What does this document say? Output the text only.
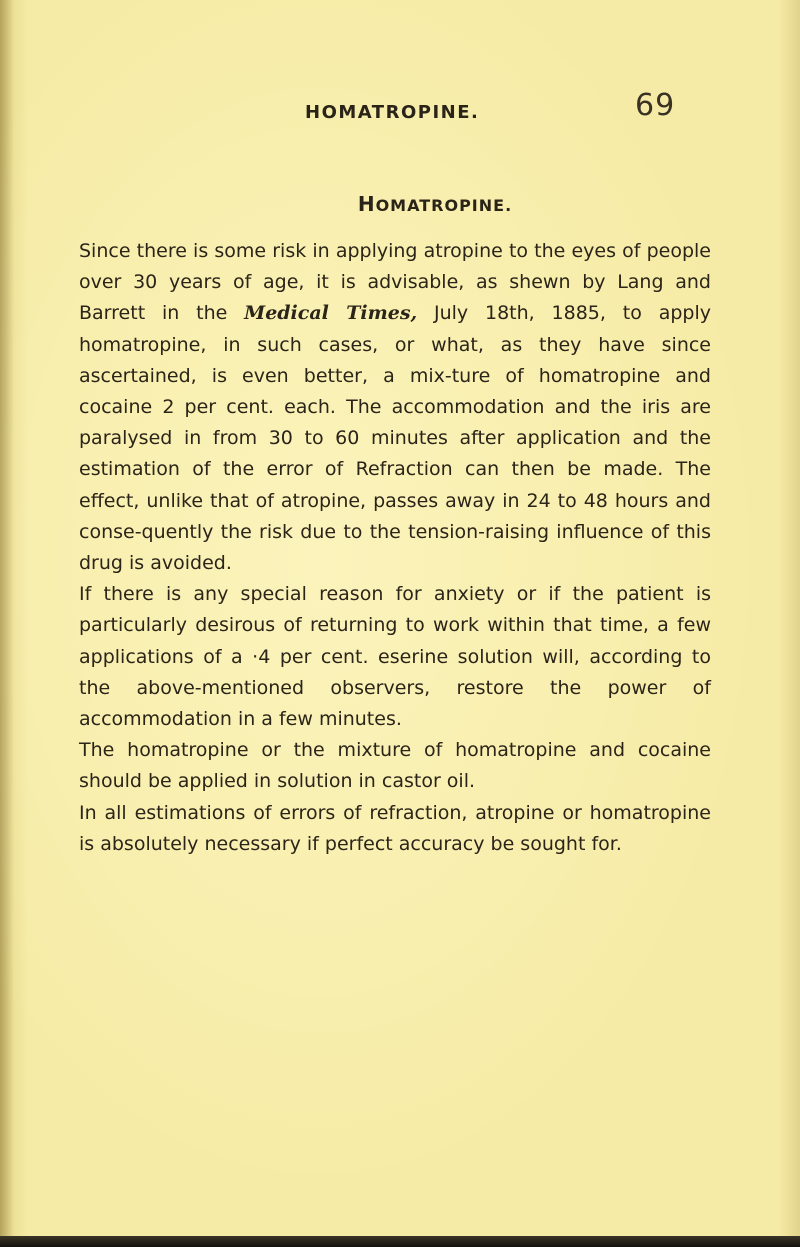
HOMATROPINE.	69
HOMATROPINE.

Since there is some risk in applying atropine to the eyes of people over 30 years of age, it is advisable, as shewn by Lang and Barrett in the Medical Times, July 18th, 1885, to apply homatropine, in such cases, or what, as they have since ascertained, is even better, a mix-ture of homatropine and cocaine 2 per cent. each. The accommodation and the iris are paralysed in from 30 to 60 minutes after application and the estimation of the error of Refraction can then be made. The effect, unlike that of atropine, passes away in 24 to 48 hours and conse-quently the risk due to the tension-raising influence of this drug is avoided.

If there is any special reason for anxiety or if the patient is particularly desirous of returning to work within that time, a few applications of a ·4 per cent. eserine solution will, according to the above-mentioned observers, restore the power of accommodation in a few minutes.

The homatropine or the mixture of homatropine and cocaine should be applied in solution in castor oil.

In all estimations of errors of refraction, atropine or homatropine is absolutely necessary if perfect accuracy be sought for.
